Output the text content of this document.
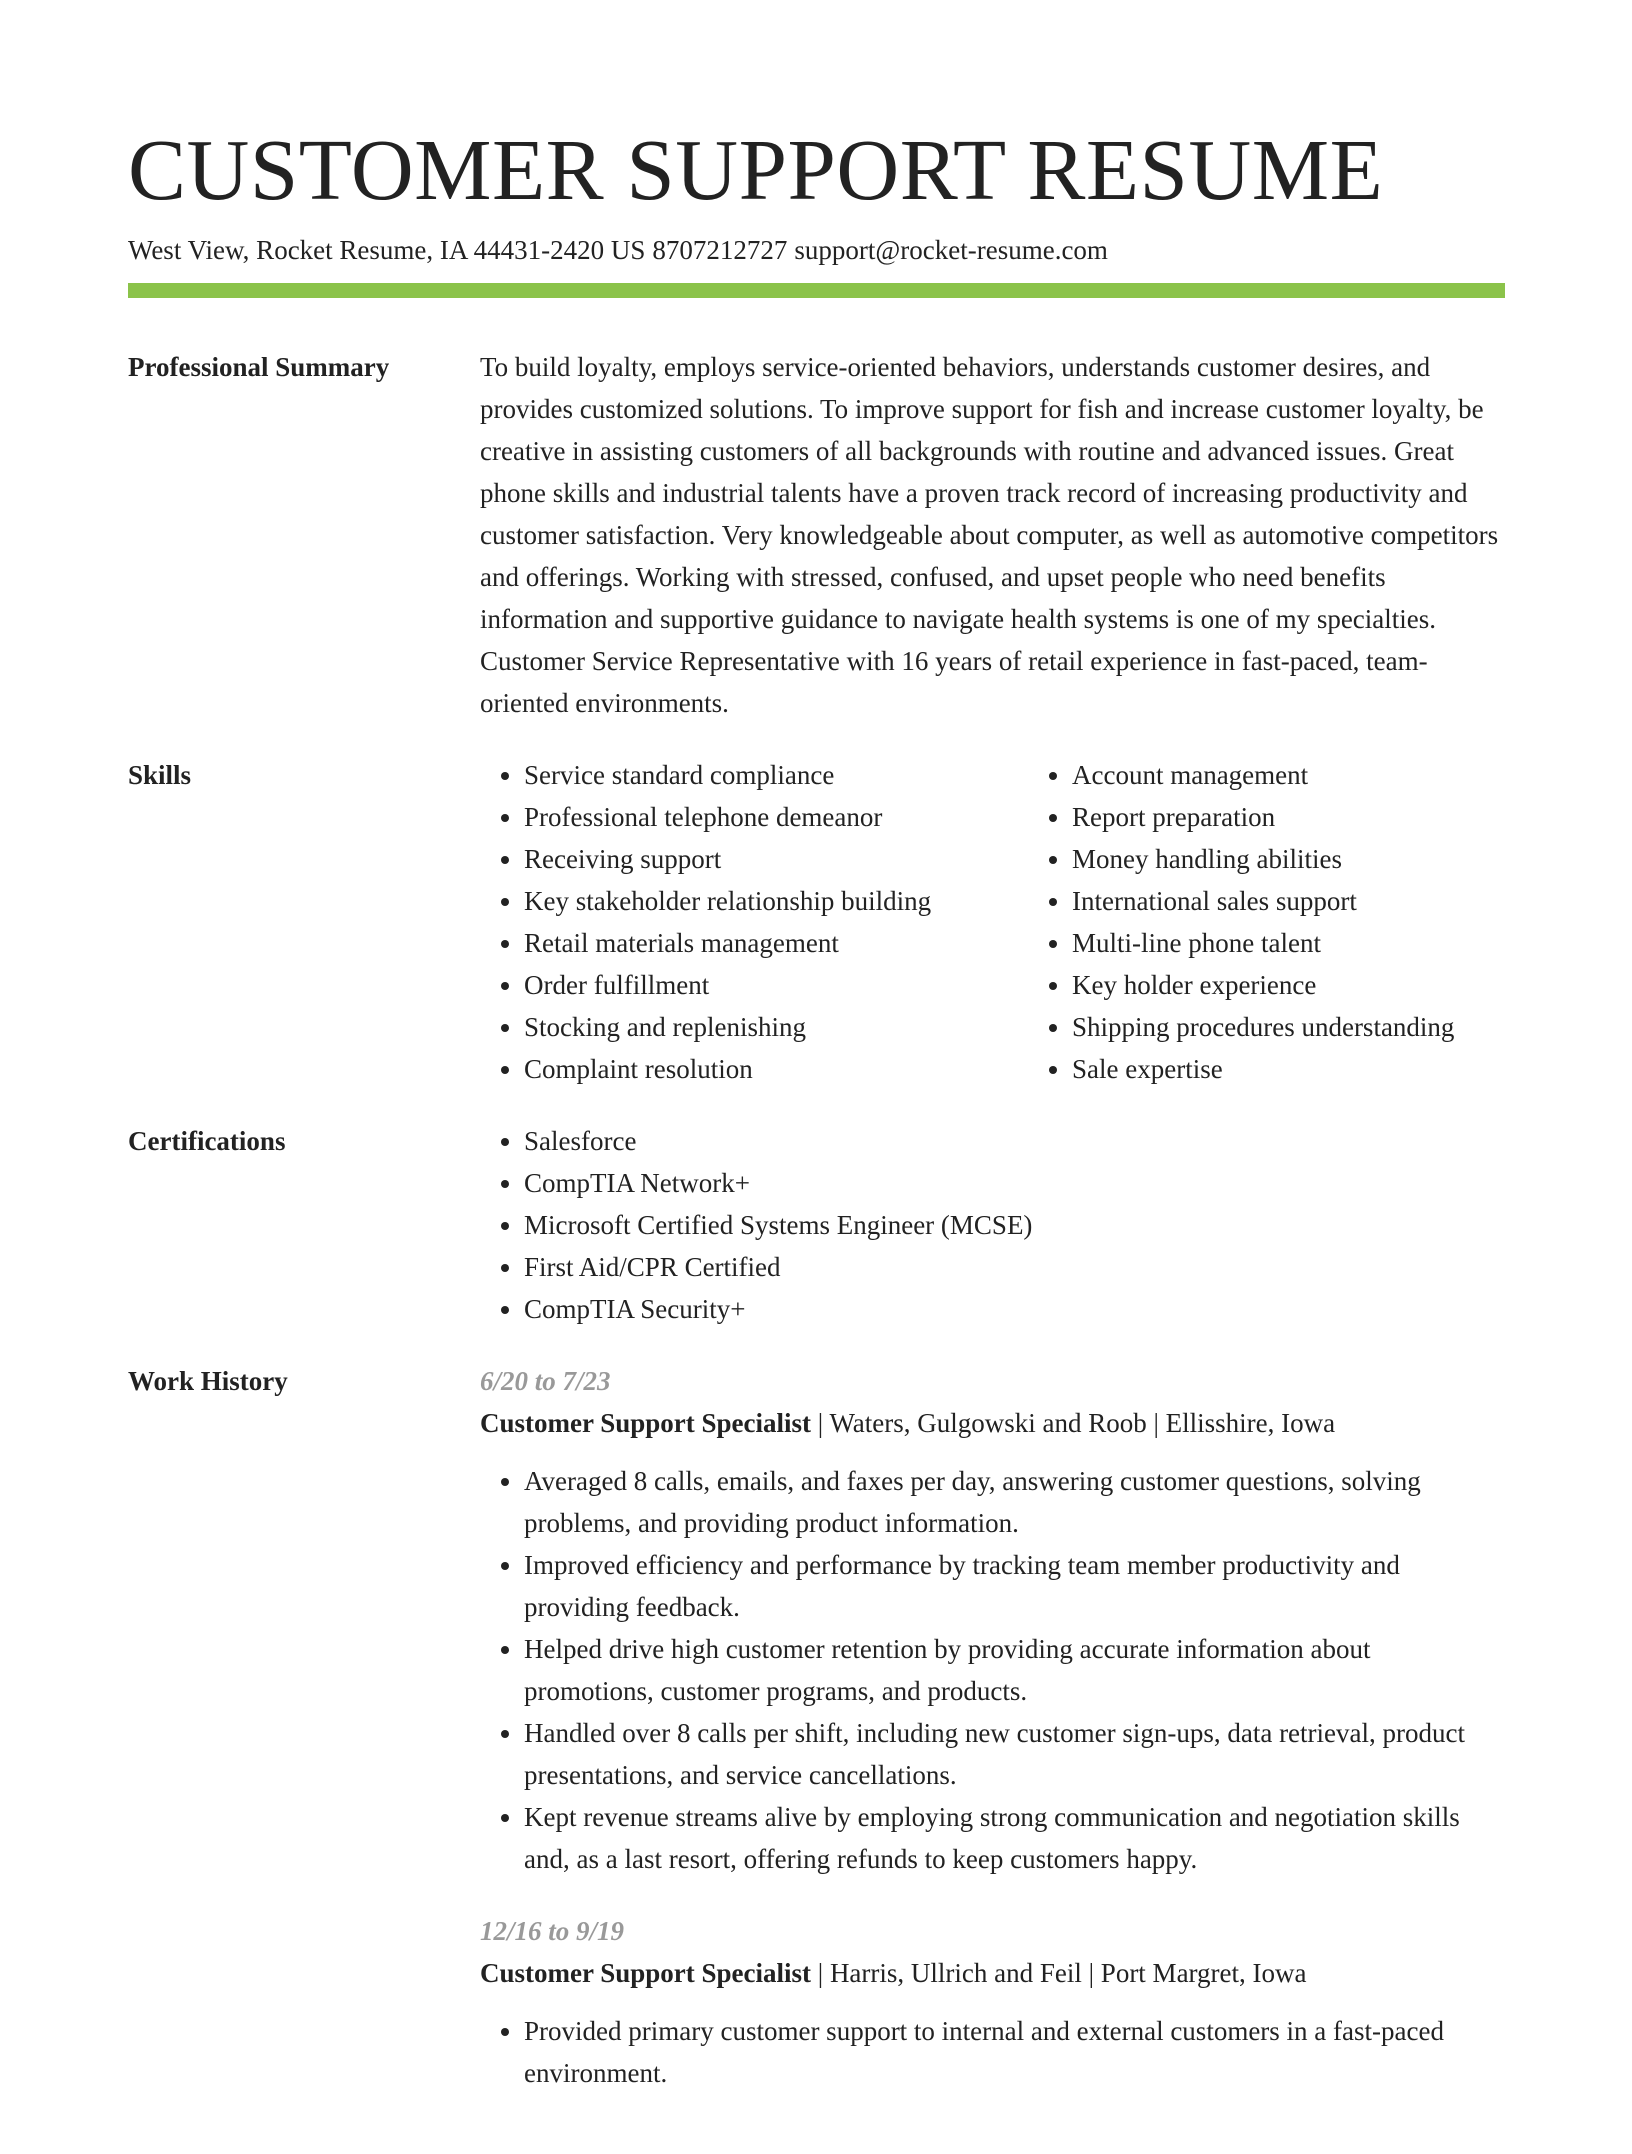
CUSTOMER SUPPORT RESUME
West View, Rocket Resume, IA 44431-2420 US 8707212727 support@rocket-resume.com
Professional Summary	To build loyalty, employs service-oriented behaviors, understands customer desires, and provides customized solutions. To improve support for fish and increase customer loyalty, be creative in assisting customers of all backgrounds with routine and advanced issues. Great phone skills and industrial talents have a proven track record of increasing productivity and customer satisfaction. Very knowledgeable about computer, as well as automotive competitors and offerings. Working with stressed, confused, and upset people who need benefits information and supportive guidance to navigate health systems is one of my specialties. Customer Service Representative with 16 years of retail experience in fast-paced, team-oriented environments.

Skills	• Service standard compliance
• Professional telephone demeanor
• Receiving support
• Key stakeholder relationship building
• Retail materials management
• Order fulfillment
• Stocking and replenishing
• Complaint resolution
• Account management
• Report preparation
• Money handling abilities
• International sales support
• Multi-line phone talent
• Key holder experience
• Shipping procedures understanding
• Sale expertise
Certifications	• Salesforce
• CompTIA Network+
• Microsoft Certified Systems Engineer (MCSE)
• First Aid/CPR Certified
• CompTIA Security+
Work History	6/20 to 7/23
Customer Support Specialist | Waters, Gulgowski and Roob | Ellisshire, Iowa
• Averaged 8 calls, emails, and faxes per day, answering customer questions, solving problems, and providing product information.
• Improved efficiency and performance by tracking team member productivity and providing feedback.
• Helped drive high customer retention by providing accurate information about promotions, customer programs, and products.
• Handled over 8 calls per shift, including new customer sign-ups, data retrieval, product presentations, and service cancellations.
• Kept revenue streams alive by employing strong communication and negotiation skills and, as a last resort, offering refunds to keep customers happy.
12/16 to 9/19
Customer Support Specialist | Harris, Ullrich and Feil | Port Margret, Iowa
• Provided primary customer support to internal and external customers in a fast-paced environment.
